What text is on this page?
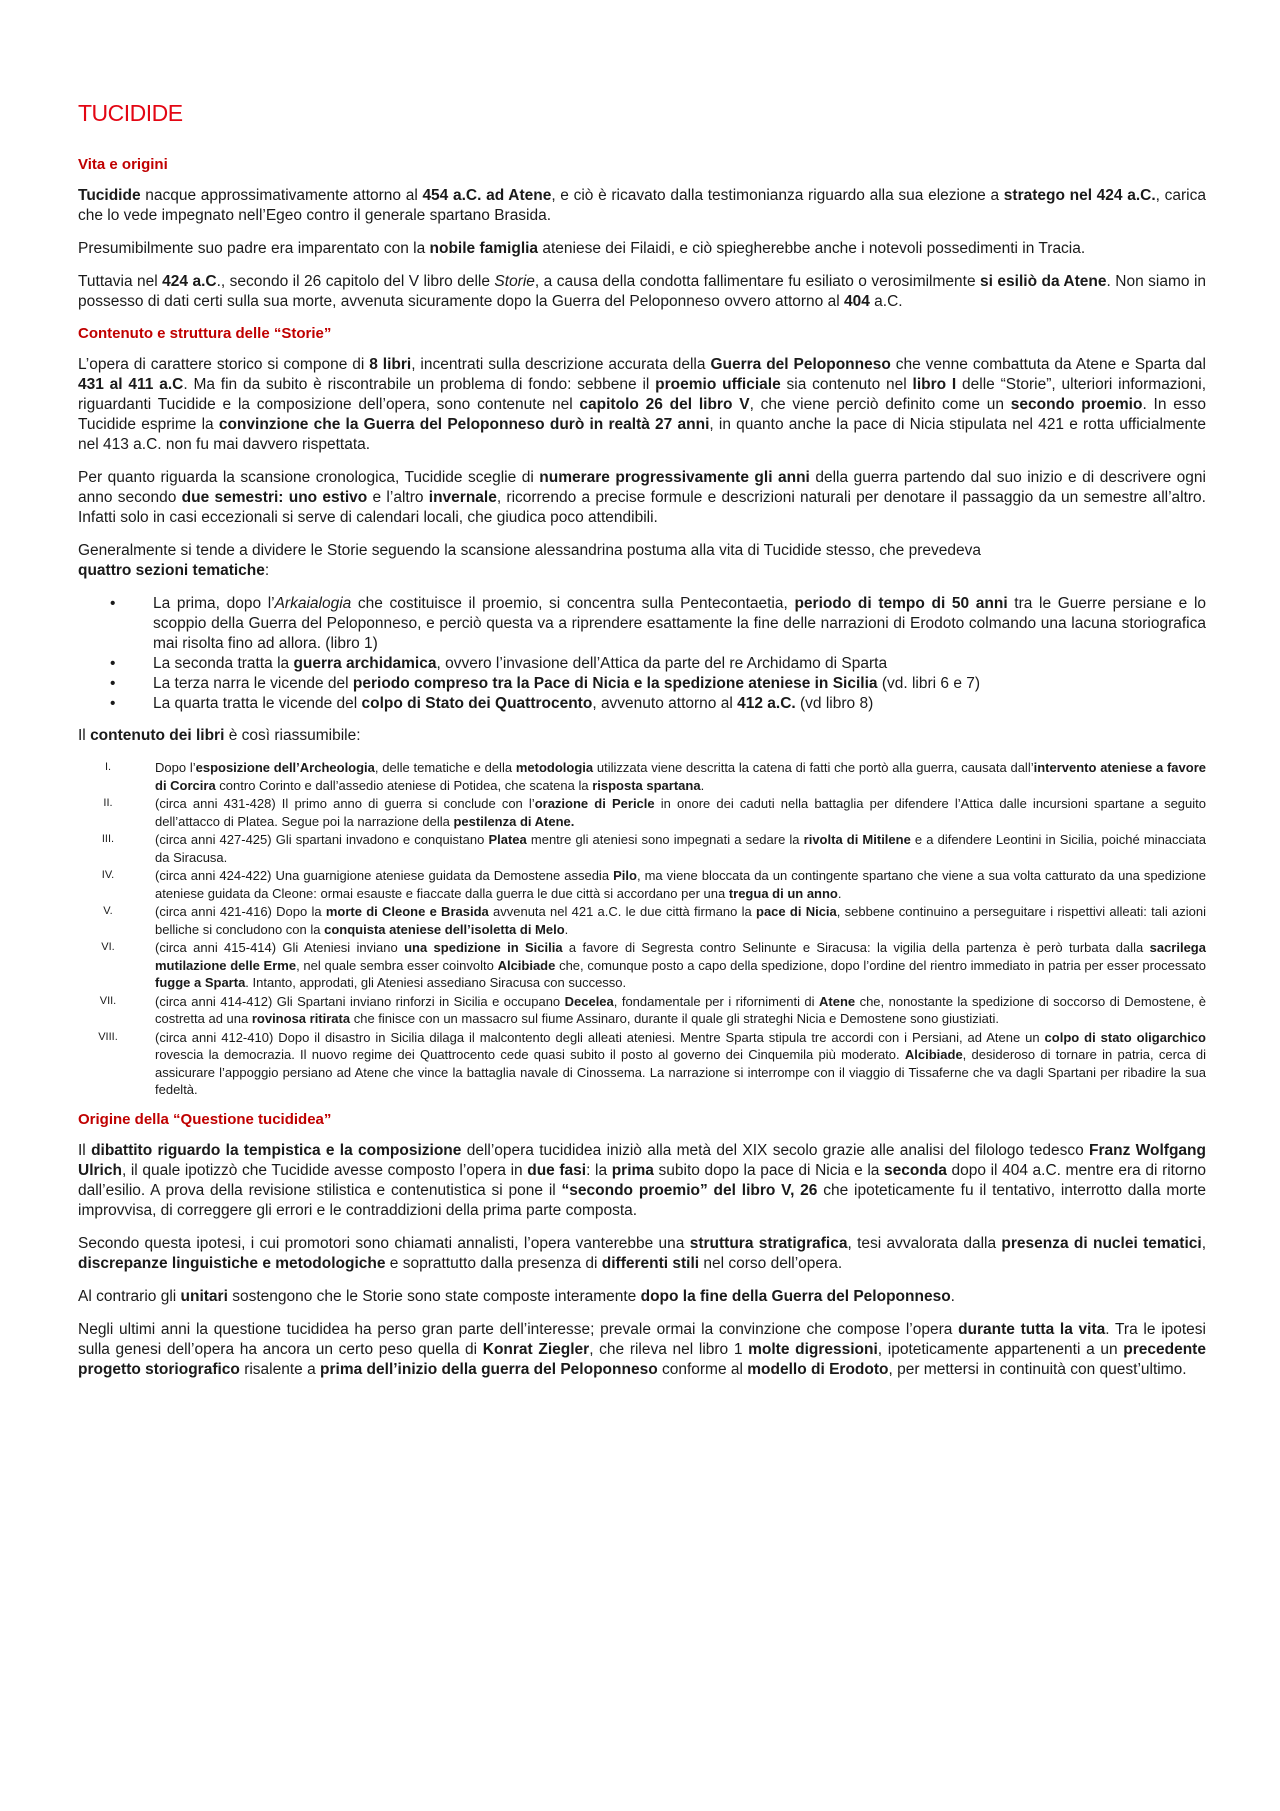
TUCIDIDE
Vita e origini

Tucidide nacque approssimativamente attorno al 454 a.C. ad Atene, e ciò è ricavato dalla testimonianza riguardo alla sua elezione a stratego nel 424 a.C., carica che lo vede impegnato nell’Egeo contro il generale spartano Brasida.

Presumibilmente suo padre era imparentato con la nobile famiglia ateniese dei Filaidi, e ciò spiegherebbe anche i notevoli possedimenti in Tracia.

Tuttavia nel 424 a.C., secondo il 26 capitolo del V libro delle Storie, a causa della condotta fallimentare fu esiliato o verosimilmente si esiliò da Atene. Non siamo in possesso di dati certi sulla sua morte, avvenuta sicuramente dopo la Guerra del Peloponneso ovvero attorno al 404 a.C.

Contenuto e struttura delle “Storie”

L’opera di carattere storico si compone di 8 libri, incentrati sulla descrizione accurata della Guerra del Peloponneso che venne combattuta da Atene e Sparta dal 431 al 411 a.C. Ma fin da subito è riscontrabile un problema di fondo: sebbene il proemio ufficiale sia contenuto nel libro I delle “Storie”, ulteriori informazioni, riguardanti Tucidide e la composizione dell’opera, sono contenute nel capitolo 26 del libro V, che viene perciò definito come un secondo proemio. In esso Tucidide esprime la convinzione che la Guerra del Peloponneso durò in realtà 27 anni, in quanto anche la pace di Nicia stipulata nel 421 e rotta ufficialmente nel 413 a.C. non fu mai davvero rispettata.

Per quanto riguarda la scansione cronologica, Tucidide sceglie di numerare progressivamente gli anni della guerra partendo dal suo inizio e di descrivere ogni anno secondo due semestri: uno estivo e l’altro invernale, ricorrendo a precise formule e descrizioni naturali per denotare il passaggio da un semestre all’altro. Infatti solo in casi eccezionali si serve di calendari locali, che giudica poco attendibili.

Generalmente si tende a dividere le Storie seguendo la scansione alessandrina postuma alla vita di Tucidide stesso, che prevedeva
quattro sezioni tematiche:

• La prima, dopo l’Arkaialogia che costituisce il proemio, si concentra sulla Pentecontaetia, periodo di tempo di 50 anni tra le Guerre persiane e lo scoppio della Guerra del Peloponneso, e perciò questa va a riprendere esattamente la fine delle narrazioni di Erodoto colmando una lacuna storiografica mai risolta fino ad allora. (libro 1)
• La seconda tratta la guerra archidamica, ovvero l’invasione dell’Attica da parte del re Archidamo di Sparta
• La terza narra le vicende del periodo compreso tra la Pace di Nicia e la spedizione ateniese in Sicilia (vd. libri 6 e 7)
• La quarta tratta le vicende del colpo di Stato dei Quattrocento, avvenuto attorno al 412 a.C. (vd libro 8)

Il contenuto dei libri è così riassumibile:

I.	Dopo l’esposizione dell’Archeologia, delle tematiche e della metodologia utilizzata viene descritta la catena di fatti che portò alla guerra, causata dall’intervento ateniese a favore di Corcira contro Corinto e dall’assedio ateniese di Potidea, che scatena la risposta spartana.
II.	(circa anni 431-428) Il primo anno di guerra si conclude con l’orazione di Pericle in onore dei caduti nella battaglia per difendere l’Attica dalle incursioni spartane a seguito dell’attacco di Platea. Segue poi la narrazione della pestilenza di Atene.
III.	(circa anni 427-425) Gli spartani invadono e conquistano Platea mentre gli ateniesi sono impegnati a sedare la rivolta di Mitilene e a difendere Leontini in Sicilia, poiché minacciata da Siracusa.
IV.	(circa anni 424-422) Una guarnigione ateniese guidata da Demostene assedia Pilo, ma viene bloccata da un contingente spartano che viene a sua volta catturato da una spedizione ateniese guidata da Cleone: ormai esauste e fiaccate dalla guerra le due città si accordano per una tregua di un anno.
V.	(circa anni 421-416) Dopo la morte di Cleone e Brasida avvenuta nel 421 a.C. le due città firmano la pace di Nicia, sebbene continuino a perseguitare i rispettivi alleati: tali azioni belliche si concludono con la conquista ateniese dell’isoletta di Melo.
VI.	(circa anni 415-414) Gli Ateniesi inviano una spedizione in Sicilia a favore di Segresta contro Selinunte e Siracusa: la vigilia della partenza è però turbata dalla sacrilega mutilazione delle Erme, nel quale sembra esser coinvolto Alcibiade che, comunque posto a capo della spedizione, dopo l’ordine del rientro immediato in patria per esser processato fugge a Sparta. Intanto, approdati, gli Ateniesi assediano Siracusa con successo.
VII.	(circa anni 414-412) Gli Spartani inviano rinforzi in Sicilia e occupano Decelea, fondamentale per i rifornimenti di Atene che, nonostante la spedizione di soccorso di Demostene, è costretta ad una rovinosa ritirata che finisce con un massacro sul fiume Assinaro, durante il quale gli strateghi Nicia e Demostene sono giustiziati.
VIII.	(circa anni 412-410) Dopo il disastro in Sicilia dilaga il malcontento degli alleati ateniesi. Mentre Sparta stipula tre accordi con i Persiani, ad Atene un colpo di stato oligarchico rovescia la democrazia. Il nuovo regime dei Quattrocento cede quasi subito il posto al governo dei Cinquemila più moderato. Alcibiade, desideroso di tornare in patria, cerca di assicurare l’appoggio persiano ad Atene che vince la battaglia navale di Cinossema. La narrazione si interrompe con il viaggio di Tissaferne che va dagli Spartani per ribadire la sua fedeltà.
Origine della “Questione tucididea”

Il dibattito riguardo la tempistica e la composizione dell’opera tucididea iniziò alla metà del XIX secolo grazie alle analisi del filologo tedesco Franz Wolfgang Ulrich, il quale ipotizzò che Tucidide avesse composto l’opera in due fasi: la prima subito dopo la pace di Nicia e la seconda dopo il 404 a.C. mentre era di ritorno dall’esilio. A prova della revisione stilistica e contenutistica si pone il “secondo proemio” del libro V, 26 che ipoteticamente fu il tentativo, interrotto dalla morte improvvisa, di correggere gli errori e le contraddizioni della prima parte composta.

Secondo questa ipotesi, i cui promotori sono chiamati annalisti, l’opera vanterebbe una struttura stratigrafica, tesi avvalorata dalla presenza di nuclei tematici, discrepanze linguistiche e metodologiche e soprattutto dalla presenza di differenti stili nel corso dell’opera.

Al contrario gli unitari sostengono che le Storie sono state composte interamente dopo la fine della Guerra del Peloponneso.

Negli ultimi anni la questione tucididea ha perso gran parte dell’interesse; prevale ormai la convinzione che compose l’opera durante tutta la vita. Tra le ipotesi sulla genesi dell’opera ha ancora un certo peso quella di Konrat Ziegler, che rileva nel libro 1 molte digressioni, ipoteticamente appartenenti a un precedente progetto storiografico risalente a prima dell’inizio della guerra del Peloponneso conforme al modello di Erodoto, per mettersi in continuità con quest’ultimo.
